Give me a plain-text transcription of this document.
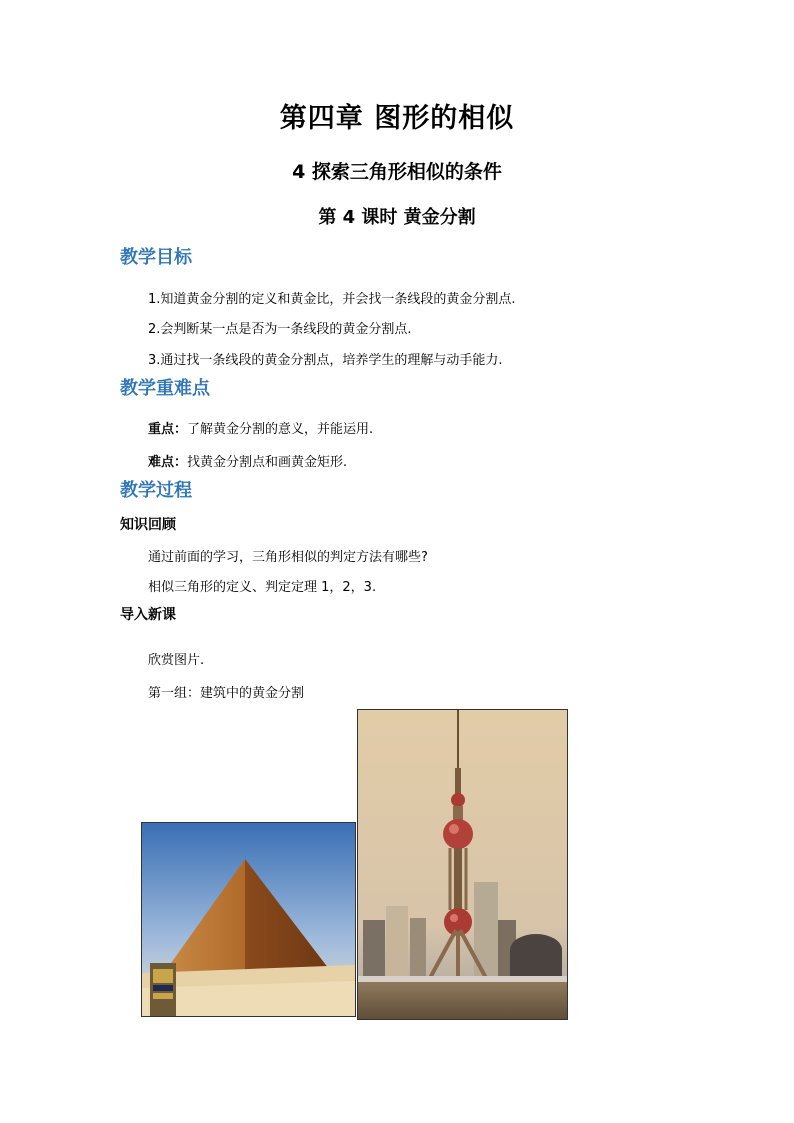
第四章 图形的相似
4 探索三角形相似的条件
第 4 课时 黄金分割
教学目标
1.知道黄金分割的定义和黄金比，并会找一条线段的黄金分割点.
2.会判断某一点是否为一条线段的黄金分割点.
3.通过找一条线段的黄金分割点，培养学生的理解与动手能力.
教学重难点
重点：了解黄金分割的意义，并能运用.
难点：找黄金分割点和画黄金矩形.
教学过程
知识回顾
通过前面的学习，三角形相似的判定方法有哪些?
相似三角形的定义、判定定理 1，2，3.
导入新课
欣赏图片.
第一组：建筑中的黄金分割
